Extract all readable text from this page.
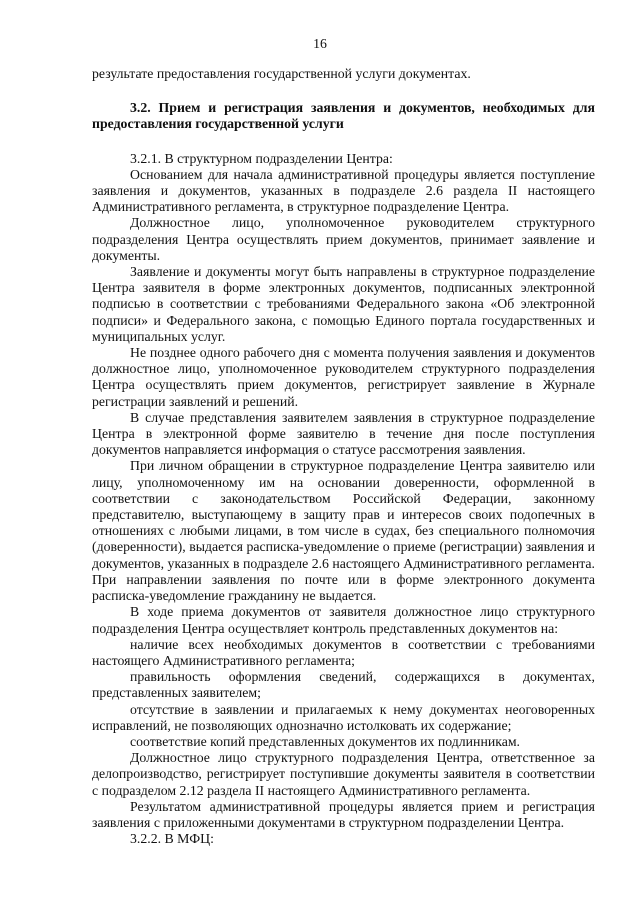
16

результате предоставления государственной услуги документах.

3.2. Прием и регистрация заявления и документов, необходимых для предоставления государственной услуги

3.2.1. В структурном подразделении Центра:

Основанием для начала административной процедуры является поступление заявления и документов, указанных в подразделе 2.6 раздела II настоящего Административного регламента, в структурное подразделение Центра.

Должностное лицо, уполномоченное руководителем структурного подразделения Центра осуществлять прием документов, принимает заявление и документы.

Заявление и документы могут быть направлены в структурное подразделение Центра заявителя в форме электронных документов, подписанных электронной подписью в соответствии с требованиями Федерального закона «Об электронной подписи» и Федерального закона, с помощью Единого портала государственных и муниципальных услуг.

Не позднее одного рабочего дня с момента получения заявления и документов должностное лицо, уполномоченное руководителем структурного подразделения Центра осуществлять прием документов, регистрирует заявление в Журнале регистрации заявлений и решений.

В случае представления заявителем заявления в структурное подразделение Центра в электронной форме заявителю в течение дня после поступления документов направляется информация о статусе рассмотрения заявления.

При личном обращении в структурное подразделение Центра заявителю или лицу, уполномоченному им на основании доверенности, оформленной в соответствии с законодательством Российской Федерации, законному представителю, выступающему в защиту прав и интересов своих подопечных в отношениях с любыми лицами, в том числе в судах, без специального полномочия (доверенности), выдается расписка-уведомление о приеме (регистрации) заявления и документов, указанных в подразделе 2.6 настоящего Административного регламента. При направлении заявления по почте или в форме электронного документа расписка-уведомление гражданину не выдается.

В ходе приема документов от заявителя должностное лицо структурного подразделения Центра осуществляет контроль представленных документов на:

наличие всех необходимых документов в соответствии с требованиями настоящего Административного регламента;

правильность оформления сведений, содержащихся в документах, представленных заявителем;

отсутствие в заявлении и прилагаемых к нему документах неоговоренных исправлений, не позволяющих однозначно истолковать их содержание;

соответствие копий представленных документов их подлинникам.

Должностное лицо структурного подразделения Центра, ответственное за делопроизводство, регистрирует поступившие документы заявителя в соответствии с подразделом 2.12 раздела II настоящего Административного регламента.

Результатом административной процедуры является прием и регистрация заявления с приложенными документами в структурном подразделении Центра.

3.2.2. В МФЦ:
